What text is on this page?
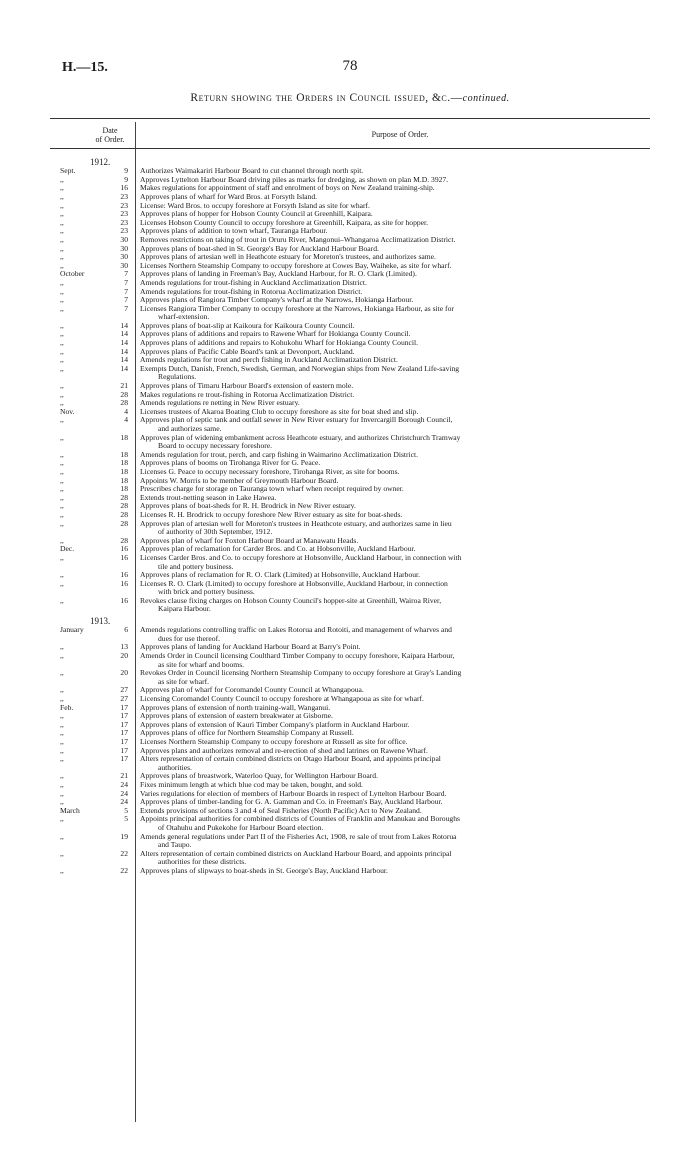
H.—15.	78
Return showing the Orders in Council issued, &c.—continued.
Date
of Order.
Purpose of Order.
1912.
Sept.	9 Authorizes Waimakariri Harbour Board to cut channel through north spit.
,,	9 Approves Lyttelton Harbour Board driving piles as marks for dredging, as shown on plan M.D. 3927.
,,	16 Makes regulations for appointment of staff and enrolment of boys on New Zealand training-ship.
,,	23 Approves plans of wharf for Ward Bros. at Forsyth Island.
,,	23 License: Ward Bros. to occupy foreshore at Forsyth Island as site for wharf.
,,	23 Approves plans of hopper for Hobson County Council at Greenhill, Kaipara.
,,	23 Licenses Hobson County Council to occupy foreshore at Greenhill, Kaipara, as site for hopper.
,,	23 Approves plans of addition to town wharf, Tauranga Harbour.
,,	30 Removes restrictions on taking of trout in Oruru River, Mangonui–Whangaroa Acclimatization District.
,,	30 Approves plans of boat-shed in St. George's Bay for Auckland Harbour Board.
,,	30 Approves plans of artesian well in Heathcote estuary for Moreton's trustees, and authorizes same.
,,	30 Licenses Northern Steamship Company to occupy foreshore at Cowes Bay, Waiheke, as site for wharf.
October	7 Approves plans of landing in Freeman's Bay, Auckland Harbour, for R. O. Clark (Limited).
,,	7 Amends regulations for trout-fishing in Auckland Acclimatization District.
,,	7 Amends regulations for trout-fishing in Rotorua Acclimatization District.
,,	7 Approves plans of Rangiora Timber Company's wharf at the Narrows, Hokianga Harbour.
,,	7 Licenses Rangiora Timber Company to occupy foreshore at the Narrows, Hokianga Harbour, as site for
wharf-extension.
,,	14 Approves plans of boat-slip at Kaikoura for Kaikoura County Council.
,,	14 Approves plans of additions and repairs to Rawene Wharf for Hokianga County Council.
,,	14 Approves plans of additions and repairs to Kohukohu Wharf for Hokianga County Council.
,,	14 Approves plans of Pacific Cable Board's tank at Devonport, Auckland.
,,	14 Amends regulations for trout and perch fishing in Auckland Acclimatization District.
,,	14 Exempts Dutch, Danish, French, Swedish, German, and Norwegian ships from New Zealand Life-saving
Regulations.
,,	21 Approves plans of Timaru Harbour Board's extension of eastern mole.
,,	28 Makes regulations re trout-fishing in Rotorua Acclimatization District.
,,	28 Amends regulations re netting in New River estuary.
Nov.	4 Licenses trustees of Akaroa Boating Club to occupy foreshore as site for boat shed and slip.
,,	4 Approves plan of septic tank and outfall sewer in New River estuary for Invercargill Borough Council,
and authorizes same.
,,	18 Approves plan of widening embankment across Heathcote estuary, and authorizes Christchurch Tramway
Board to occupy necessary foreshore.
,,	18 Amends regulation for trout, perch, and carp fishing in Waimarino Acclimatization District.
,,	18 Approves plans of booms on Tirohanga River for G. Peace.
,,	18 Licenses G. Peace to occupy necessary foreshore, Tirohanga River, as site for booms.
,,	18 Appoints W. Morris to be member of Greymouth Harbour Board.
,,	18 Prescribes charge for storage on Tauranga town wharf when receipt required by owner.
,,	28 Extends trout-netting season in Lake Hawea.
,,	28 Approves plans of boat-sheds for R. H. Brodrick in New River estuary.
,,	28 Licenses R. H. Brodrick to occupy foreshore New River estuary as site for boat-sheds.
,,	28 Approves plan of artesian well for Moreton's trustees in Heathcote estuary, and authorizes same in lieu
of authority of 30th September, 1912.
,,	28 Approves plan of wharf for Foxton Harbour Board at Manawatu Heads.
Dec.	16 Approves plan of reclamation for Carder Bros. and Co. at Hobsonville, Auckland Harbour.
,,	16 Licenses Carder Bros. and Co. to occupy foreshore at Hobsonville, Auckland Harbour, in connection with
tile and pottery business.
,,	16 Approves plans of reclamation for R. O. Clark (Limited) at Hobsonville, Auckland Harbour.
,,	16 Licenses R. O. Clark (Limited) to occupy foreshore at Hobsonville, Auckland Harbour, in connection
with brick and pottery business.
,,	16 Revokes clause fixing charges on Hobson County Council's hopper-site at Greenhill, Wairoa River,
Kaipara Harbour.
1913.
January	6 Amends regulations controlling traffic on Lakes Rotorua and Rotoiti, and management of wharves and
dues for use thereof.
,,	13 Approves plans of landing for Auckland Harbour Board at Barry's Point.
,,	20 Amends Order in Council licensing Coulthard Timber Company to occupy foreshore, Kaipara Harbour,
as site for wharf and booms.
,,	20 Revokes Order in Council licensing Northern Steamship Company to occupy foreshore at Gray's Landing
as site for wharf.
,,	27 Approves plan of wharf for Coromandel County Council at Whangapoua.
,,	27 Licensing Coromandel County Council to occupy foreshore at Whangapoua as site for wharf.
Feb.	17 Approves plans of extension of north training-wall, Wanganui.
,,	17 Approves plans of extension of eastern breakwater at Gisborne.
,,	17 Approves plans of extension of Kauri Timber Company's platform in Auckland Harbour.
,,	17 Approves plans of office for Northern Steamship Company at Russell.
,,	17 Licenses Northern Steamship Company to occupy foreshore at Russell as site for office.
,,	17 Approves plans and authorizes removal and re-erection of shed and latrines on Rawene Wharf.
,,	17 Alters representation of certain combined districts on Otago Harbour Board, and appoints principal
authorities.
,,	21 Approves plans of breastwork, Waterloo Quay, for Wellington Harbour Board.
,,	24 Fixes minimum length at which blue cod may be taken, bought, and sold.
,,	24 Varies regulations for election of members of Harbour Boards in respect of Lyttelton Harbour Board.
,,	24 Approves plans of timber-landing for G. A. Gamman and Co. in Freeman's Bay, Auckland Harbour.
March	5 Extends provisions of sections 3 and 4 of Seal Fisheries (North Pacific) Act to New Zealand.
,,	5 Appoints principal authorities for combined districts of Counties of Franklin and Manukau and Boroughs
of Otahuhu and Pukekohe for Harbour Board election.
,,	19 Amends general regulations under Part II of the Fisheries Act, 1908, re sale of trout from Lakes Rotorua
and Taupo.
,,	22 Alters representation of certain combined districts on Auckland Harbour Board, and appoints principal
authorities for these districts.
,,	22 Approves plans of slipways to boat-sheds in St. George's Bay, Auckland Harbour.
